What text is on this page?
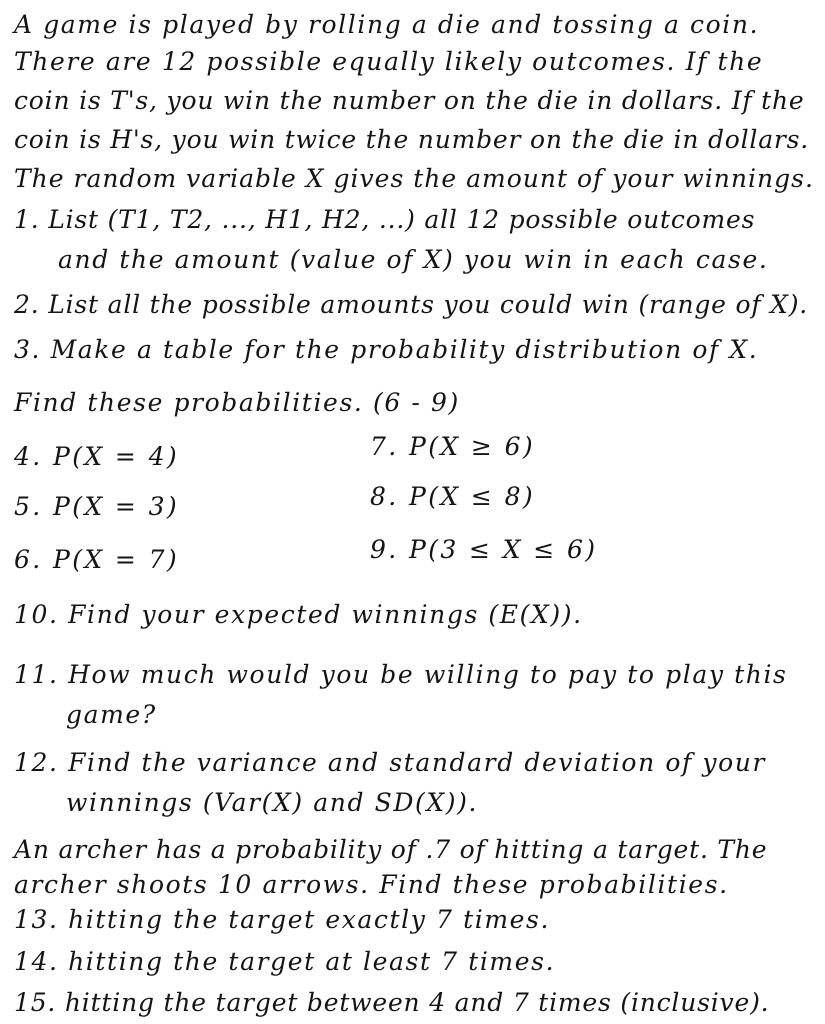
A game is played by rolling a die and tossing a coin.
There are 12 possible equally likely outcomes. If the
coin is T's, you win the number on the die in dollars. If the
coin is H's, you win twice the number on the die in dollars.
The random variable X gives the amount of your winnings.
1. List (T1, T2, ..., H1, H2, ...) all 12 possible outcomes
and the amount (value of X) you win in each case.
2. List all the possible amounts you could win (range of X).
3. Make a table for the probability distribution of X.
Find these probabilities. (6 - 9)
4. P(X = 4)
5. P(X = 3)
6. P(X = 7)
7. P(X ≥ 6)
8. P(X ≤ 8)
9. P(3 ≤ X ≤ 6)
10. Find your expected winnings (E(X)).
11. How much would you be willing to pay to play this
game?
12. Find the variance and standard deviation of your
winnings (Var(X) and SD(X)).
An archer has a probability of .7 of hitting a target. The
archer shoots 10 arrows. Find these probabilities.
13. hitting the target exactly 7 times.
14. hitting the target at least 7 times.
15. hitting the target between 4 and 7 times (inclusive).
